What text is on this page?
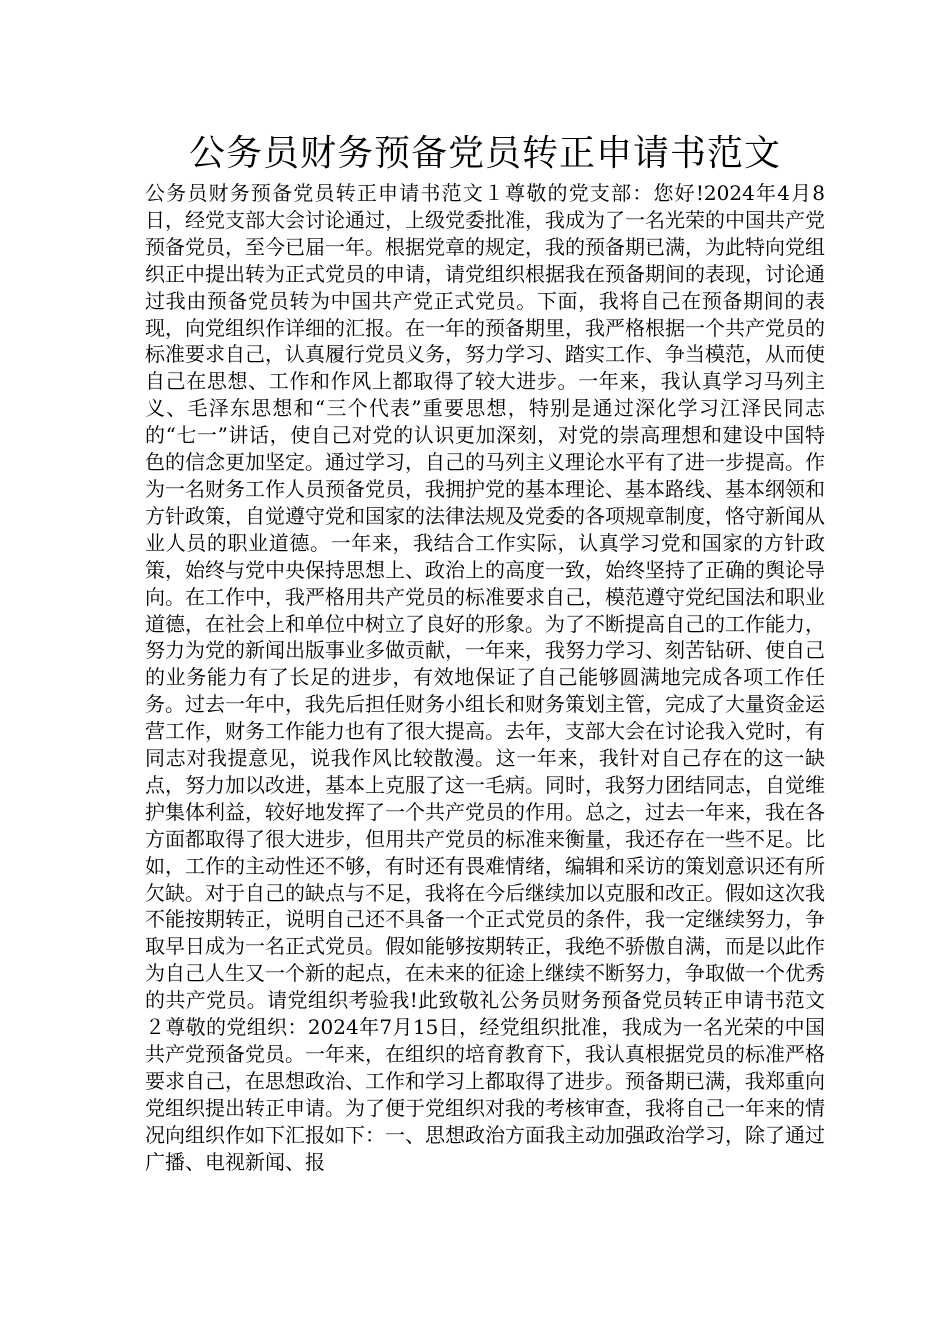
公务员财务预备党员转正申请书范文

公务员财务预备党员转正申请书范文１尊敬的党支部：您好!2024年4月8日，经党支部大会讨论通过，上级党委批准，我成为了一名光荣的中国共产党预备党员，至今已届一年。根据党章的规定，我的预备期已满，为此特向党组织正中提出转为正式党员的申请，请党组织根据我在预备期间的表现，讨论通过我由预备党员转为中国共产党正式党员。下面，我将自己在预备期间的表现，向党组织作详细的汇报。在一年的预备期里，我严格根据一个共产党员的标准要求自己，认真履行党员义务，努力学习、踏实工作、争当模范，从而使自己在思想、工作和作风上都取得了较大进步。一年来，我认真学习马列主义、毛泽东思想和“三个代表”重要思想，特别是通过深化学习江泽民同志的“七一”讲话，使自己对党的认识更加深刻，对党的崇高理想和建设中国特色的信念更加坚定。通过学习，自己的马列主义理论水平有了进一步提高。作为一名财务工作人员预备党员，我拥护党的基本理论、基本路线、基本纲领和方针政策，自觉遵守党和国家的法律法规及党委的各项规章制度，恪守新闻从业人员的职业道德。一年来，我结合工作实际，认真学习党和国家的方针政策，始终与党中央保持思想上、政治上的高度一致，始终坚持了正确的舆论导向。在工作中，我严格用共产党员的标准要求自己，模范遵守党纪国法和职业道德，在社会上和单位中树立了良好的形象。为了不断提高自己的工作能力，努力为党的新闻出版事业多做贡献，一年来，我努力学习、刻苦钻研、使自己的业务能力有了长足的进步，有效地保证了自己能够圆满地完成各项工作任务。过去一年中，我先后担任财务小组长和财务策划主管，完成了大量资金运营工作，财务工作能力也有了很大提高。去年，支部大会在讨论我入党时，有同志对我提意见，说我作风比较散漫。这一年来，我针对自己存在的这一缺点，努力加以改进，基本上克服了这一毛病。同时，我努力团结同志，自觉维护集体利益，较好地发挥了一个共产党员的作用。总之，过去一年来，我在各方面都取得了很大进步，但用共产党员的标准来衡量，我还存在一些不足。比如，工作的主动性还不够，有时还有畏难情绪，编辑和采访的策划意识还有所欠缺。对于自己的缺点与不足，我将在今后继续加以克服和改正。假如这次我不能按期转正，说明自己还不具备一个正式党员的条件，我一定继续努力，争取早日成为一名正式党员。假如能够按期转正，我绝不骄傲自满，而是以此作为自己人生又一个新的起点，在未来的征途上继续不断努力，争取做一个优秀的共产党员。请党组织考验我!此致敬礼公务员财务预备党员转正申请书范文２尊敬的党组织：2024年7月15日，经党组织批准，我成为一名光荣的中国共产党预备党员。一年来，在组织的培育教育下，我认真根据党员的标准严格要求自己，在思想政治、工作和学习上都取得了进步。预备期已满，我郑重向党组织提出转正申请。为了便于党组织对我的考核审查，我将自己一年来的情况向组织作如下汇报如下：一、思想政治方面我主动加强政治学习，除了通过广播、电视新闻、报
